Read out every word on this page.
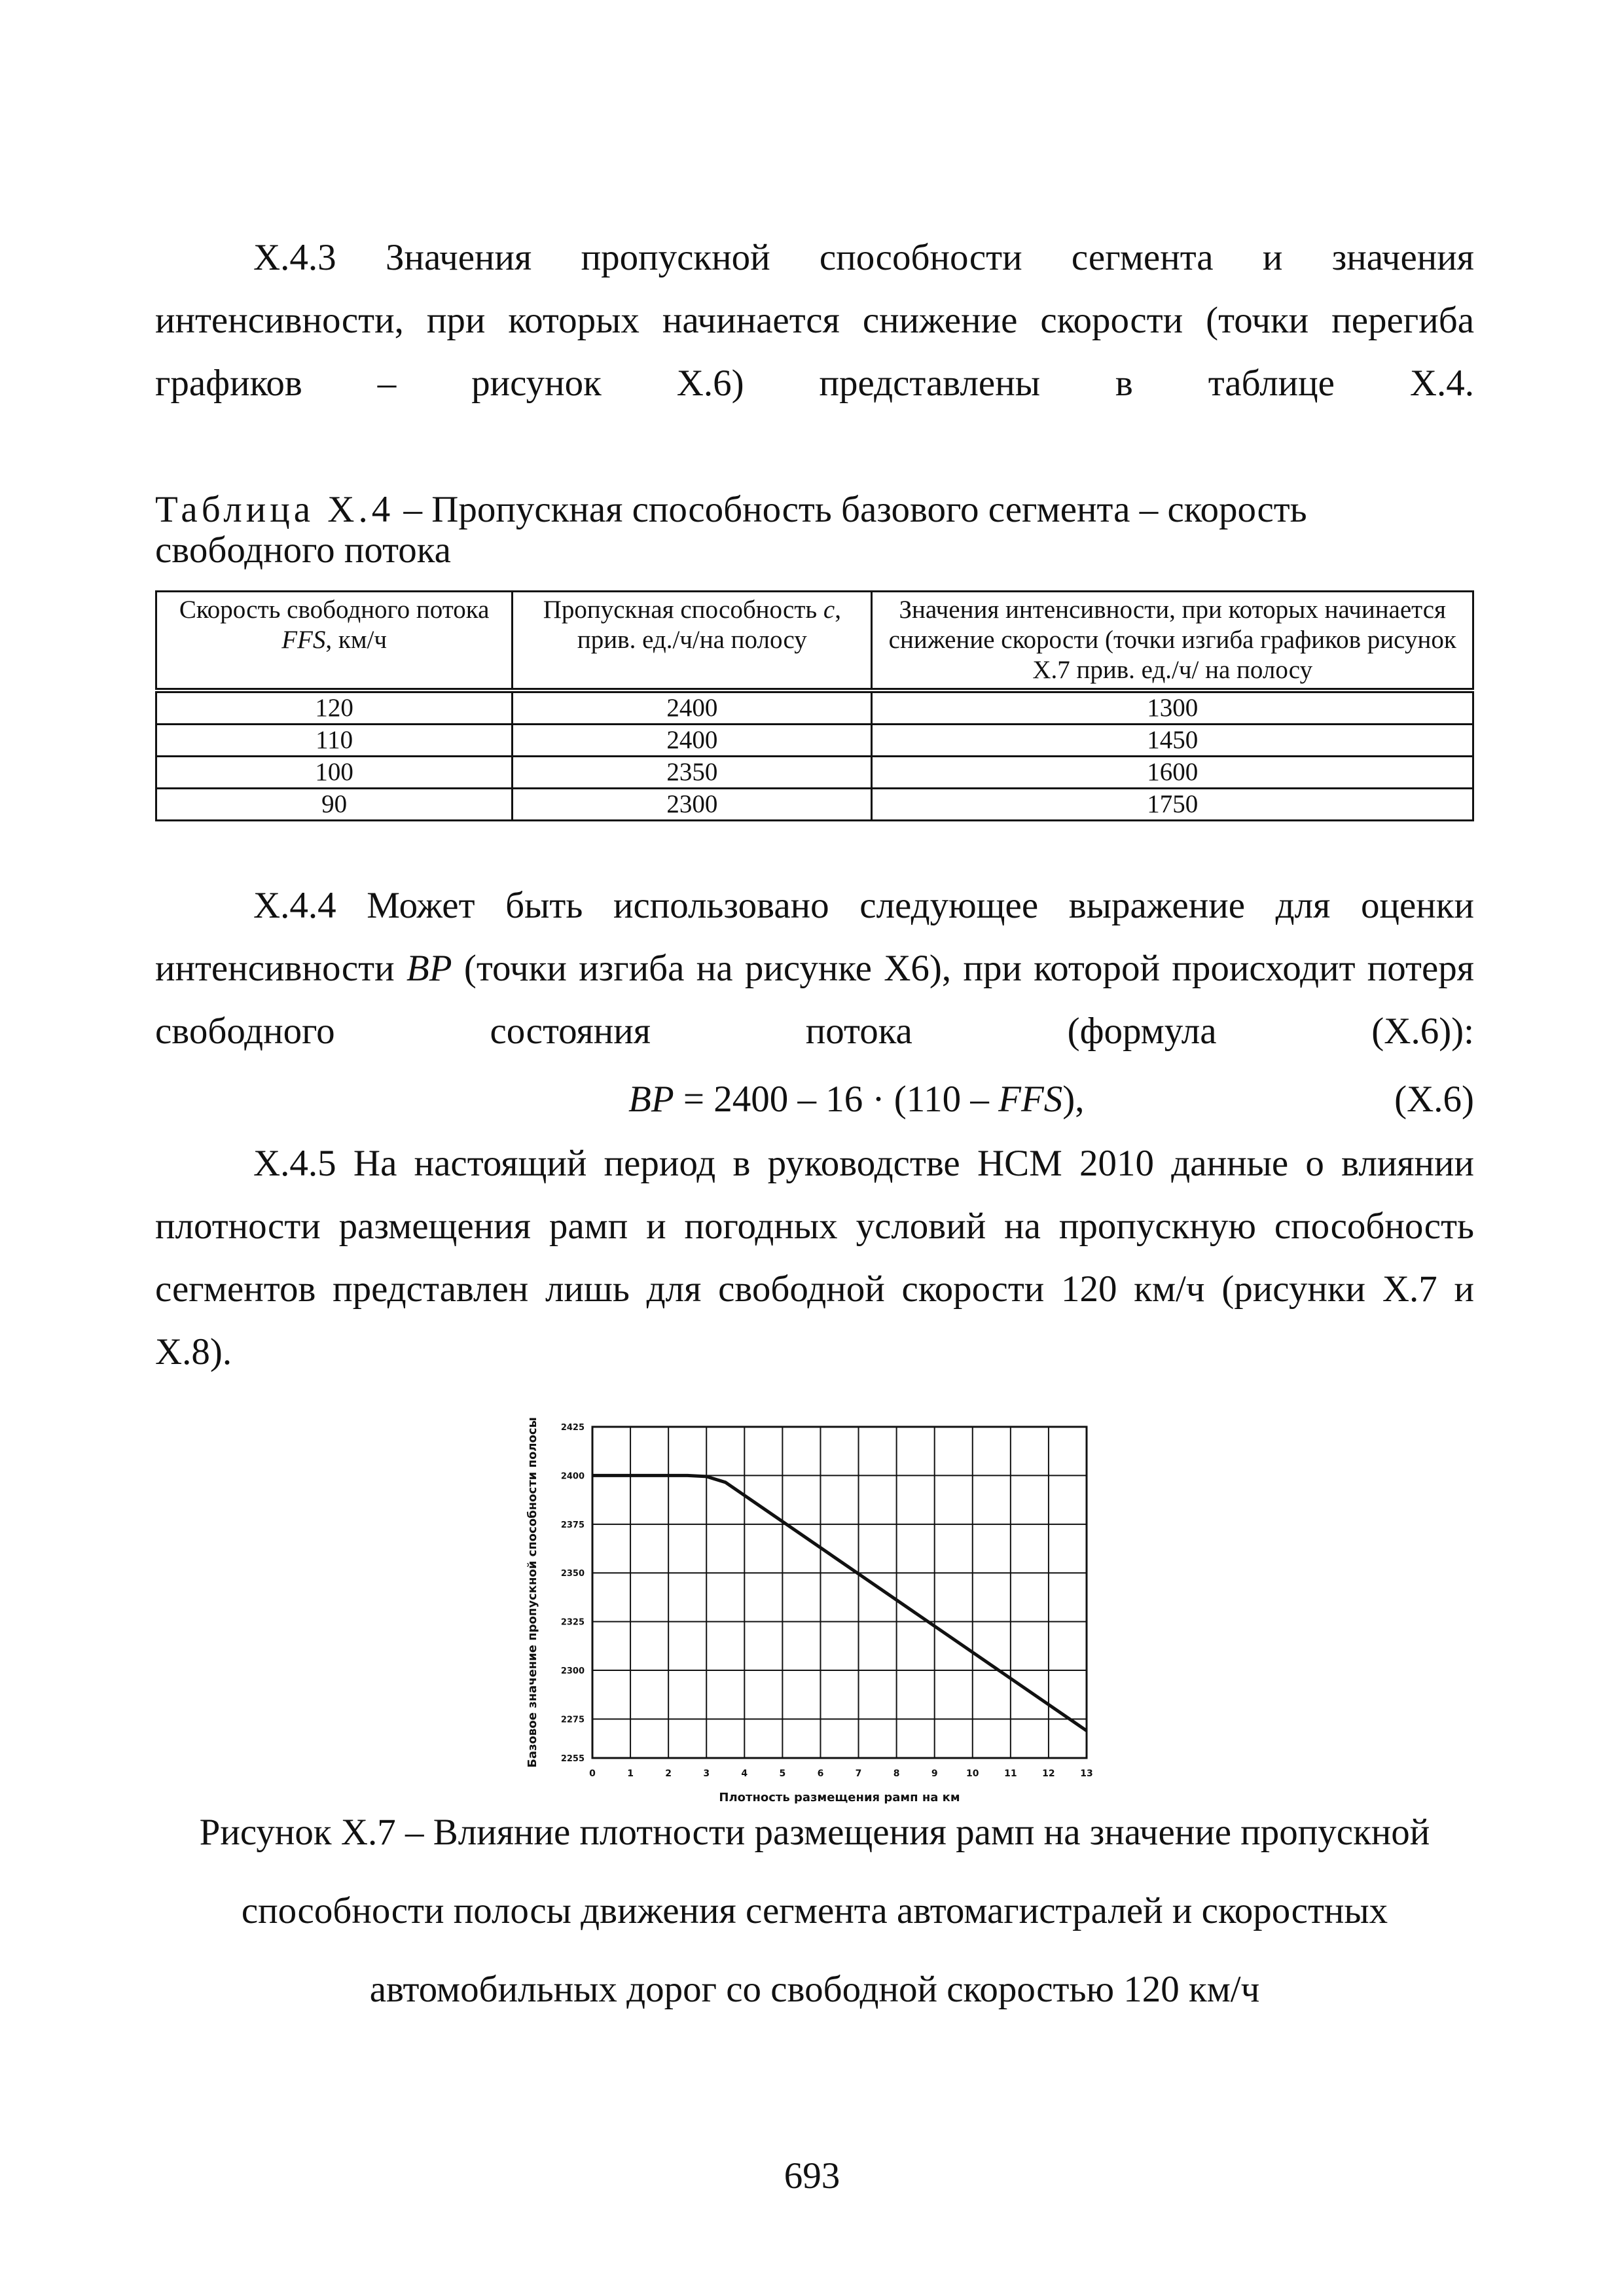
Х.4.3 Значения пропускной способности сегмента и значения интенсивности, при которых начинается снижение скорости (точки перегиба графиков – рисунок Х.6) представлены в таблице Х.4.

Таблица Х.4 – Пропускная способность базового сегмента – скорость свободного потока

Скорость свободного потока FFS, км/ч	Пропускная способность c, прив. ед./ч/на полосу	Значения интенсивности, при которых начинается снижение скорости (точки изгиба графиков рисунок Х.7 прив. ед./ч/ на полосу
120	2400	1300
110	2400	1450
100	2350	1600
90	2300	1750

Х.4.4 Может быть использовано следующее выражение для оценки интенсивности BP (точки изгиба на рисунке Х6), при которой происходит потеря свободного состояния потока (формула (Х.6)):

BP = 2400 – 16 · (110 – FFS),	(Х.6)

Х.4.5 На настоящий период в руководстве НСМ 2010 данные о влиянии плотности размещения рамп и погодных условий на пропускную способность сегментов представлен лишь для свободной скорости 120 км/ч (рисунки Х.7 и Х.8).

0	1	2	3	4	5	6	7	8	9	10	11	12	13
2425
2400
2375
2350
2325
2300
2275
2255
Плотность размещения рамп на км
Базовое значение пропускной способности полосы

Рисунок Х.7 – Влияние плотности размещения рамп на значение пропускной
способности полосы движения сегмента автомагистралей и скоростных
автомобильных дорог со свободной скоростью 120 км/ч

693
